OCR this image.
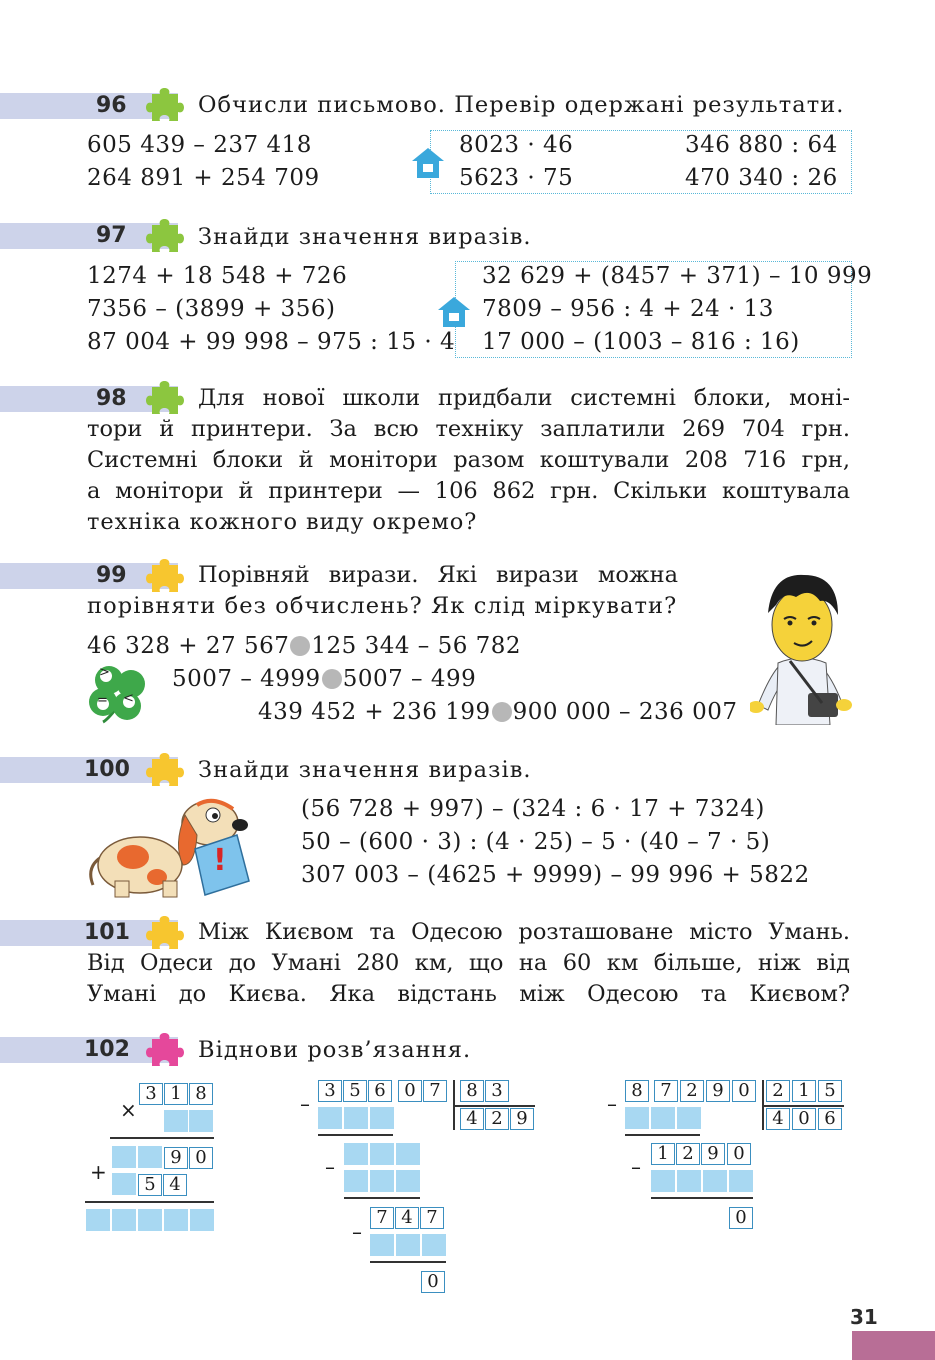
96	Обчисли письмово. Перевір одержані результати.
605 439 – 237 418
264 891 + 254 709
8023 · 46
5623 · 75
346 880 : 64
470 340 : 26
97	Знайди значення виразів.
1274 + 18 548 + 726
7356 – (3899 + 356)
87 004 + 99 998 – 975 : 15 · 4
32 629 + (8457 + 371) – 10 999
7809 – 956 : 4 + 24 · 13
17 000 – (1003 – 816 : 16)
98	Для нової школи придбали системні блоки, моні-
тори й принтери. За всю техніку заплатили 269 704 грн.
Системні блоки й монітори разом коштували 208 716 грн,
а монітори й принтери — 106 862 грн. Скільки коштувала
техніка кожного виду окремо?
99	Порівняй вирази. Які вирази можна
порівняти без обчислень? Як слід міркувати?
46 328 + 27 567 125 344 – 56 782
5007 – 4999 5007 – 499
439 452 + 236 199 900 000 – 236 007
>
= <
100	Знайди значення виразів.
!
(56 728 + 997) – (324 : 6 · 17 + 7324)
50 – (600 · 3) : (4 · 25) – 5 · (40 – 7 · 5)
307 003 – (4625 + 9999) – 99 996 + 5822
101	Між Києвом та Одесою розташоване місто Умань.
Від Одеси до Умані 280 км, що на 60 км більше, ніж від
Умані до Києва. Яка відстань між Одесою та Києвом?
102	Віднови розв’язання.
×
3 1 8
+
9 0
5 4
–
3 5 6	0 7	8 3
4 2 9
–
–
7 4 7
0
–
8 7 2 9 0	2 1 5
4 0 6
–
1 2 9 0
0
31
